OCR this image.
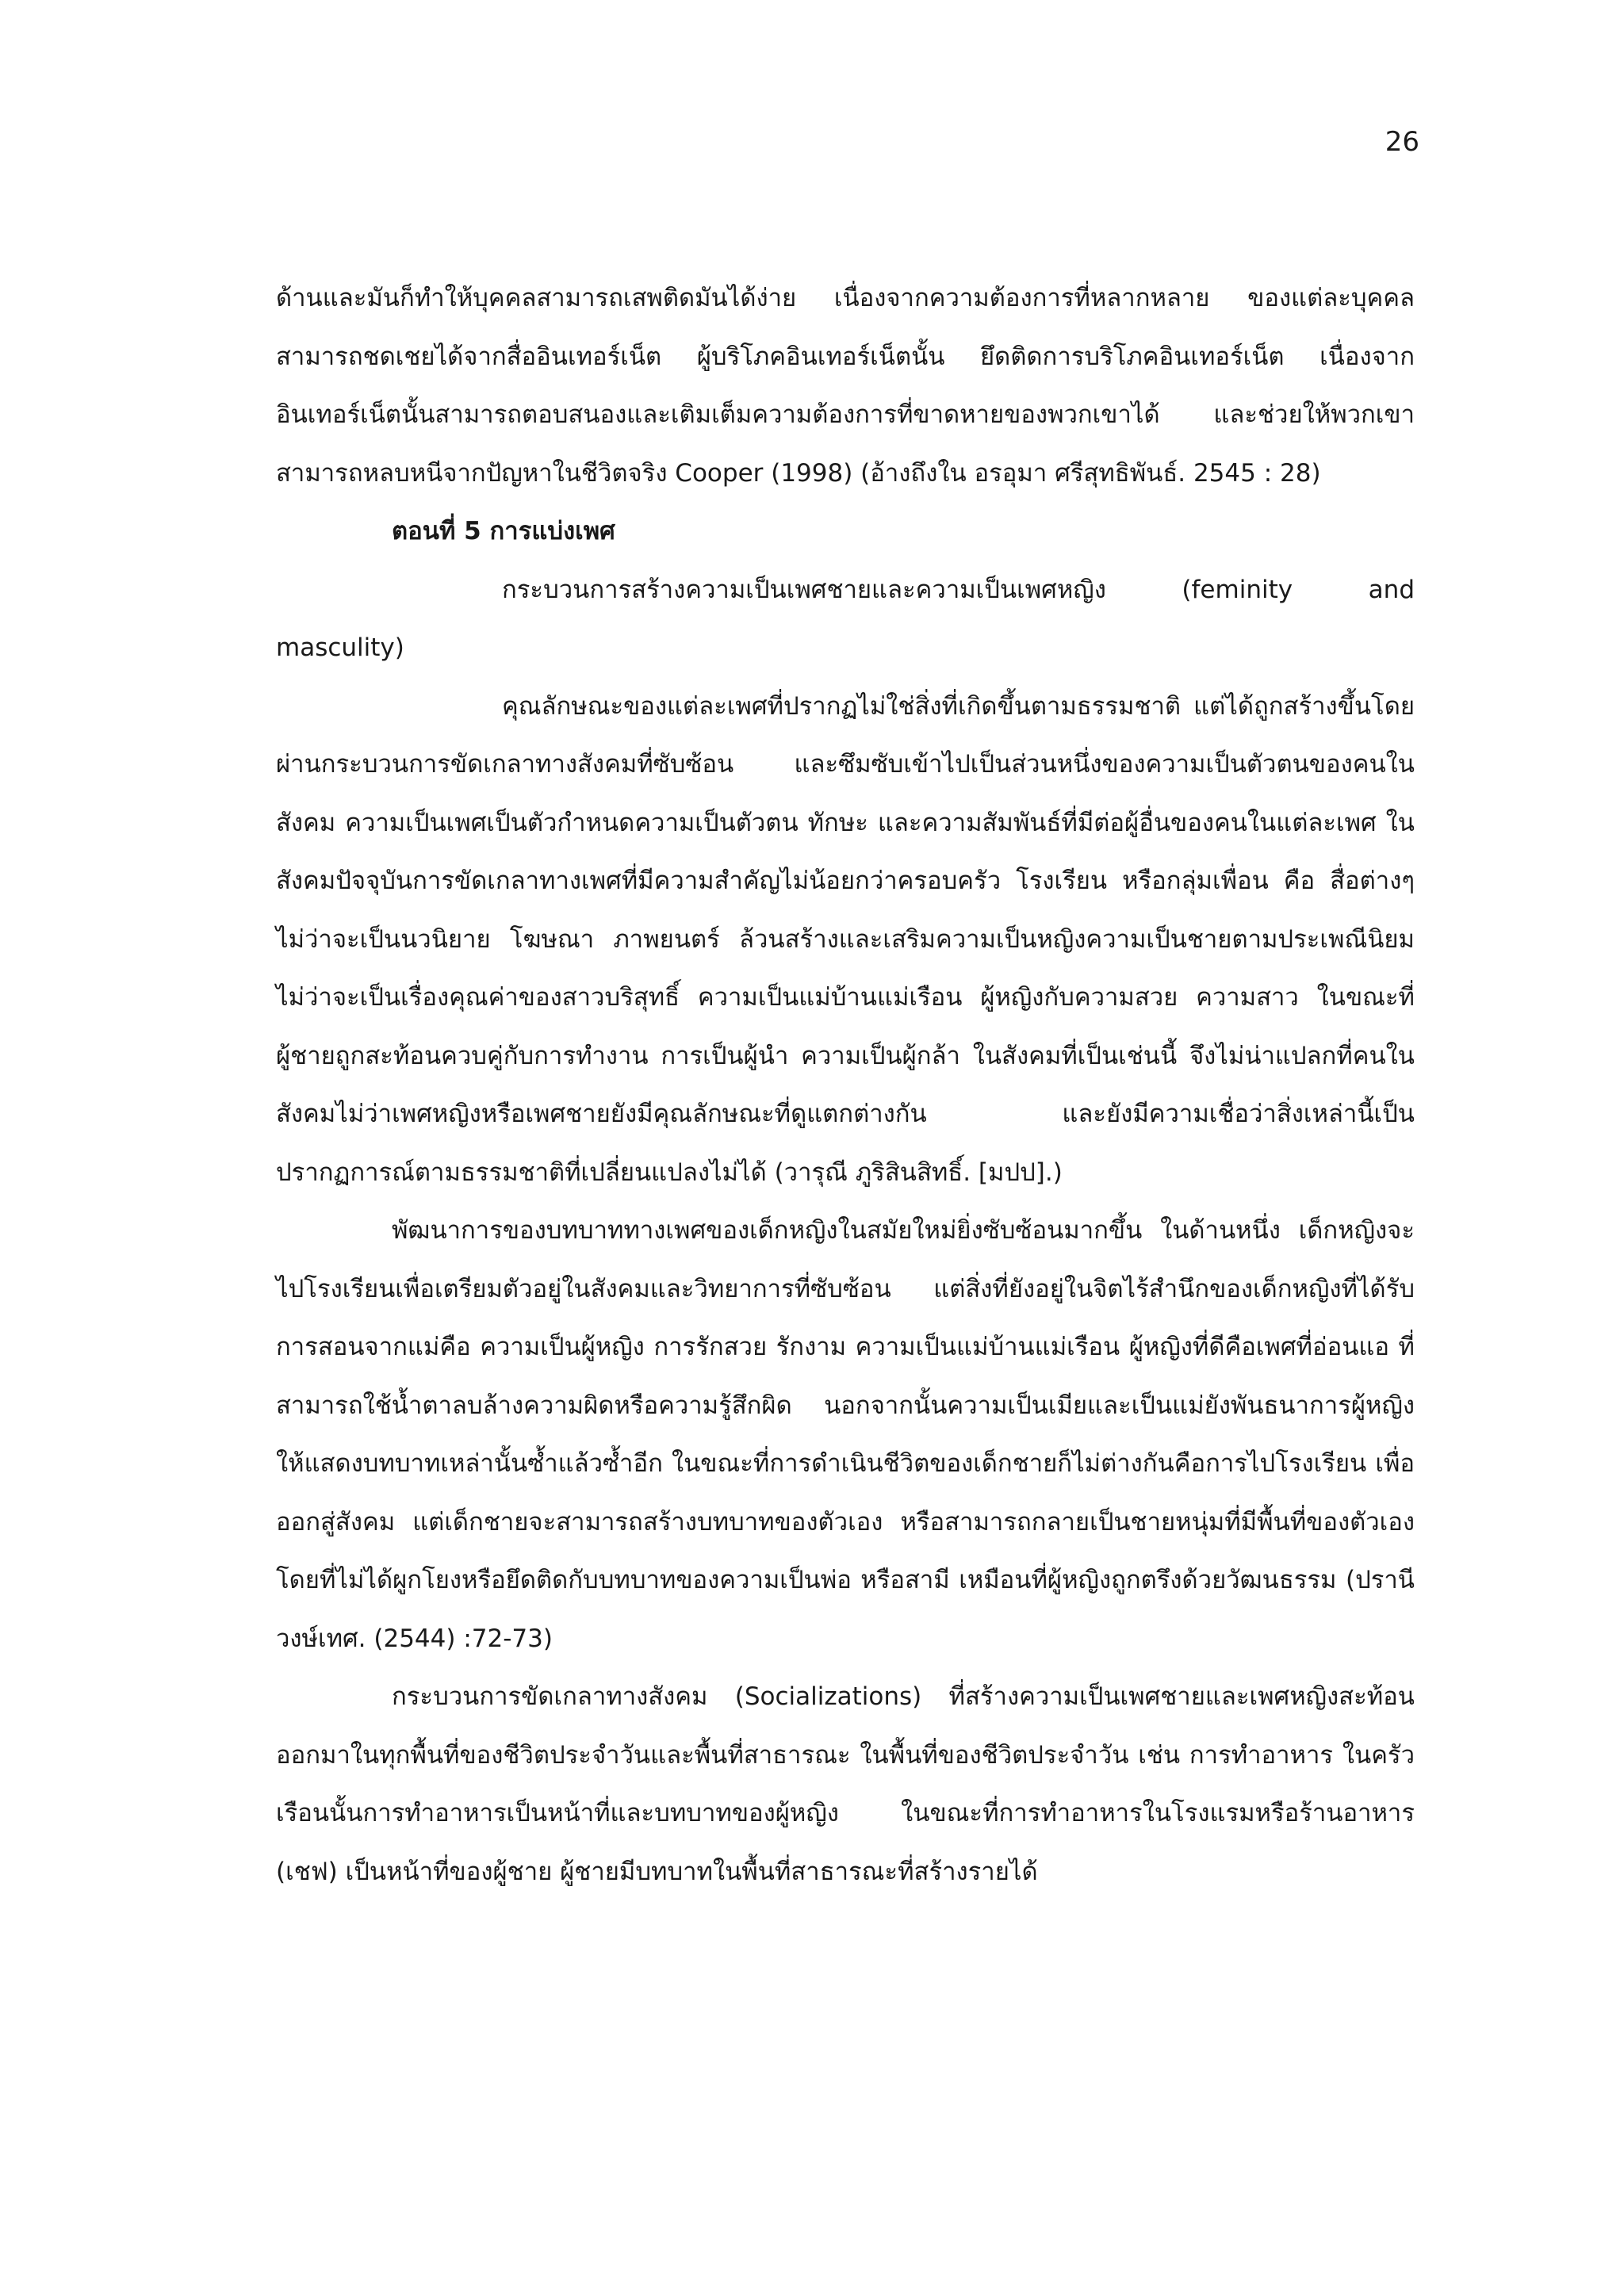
26

ด้านและมันก็ทำให้บุคคลสามารถเสพติดมันได้ง่าย เนื่องจากความต้องการที่หลากหลาย ของแต่ละบุคคลสามารถชดเชยได้จากสื่ออินเทอร์เน็ต ผู้บริโภคอินเทอร์เน็ตนั้น ยึดติดการบริโภคอินเทอร์เน็ต เนื่องจากอินเทอร์เน็ตนั้นสามารถตอบสนองและเติมเต็มความต้องการที่ขาดหายของพวกเขาได้ และช่วยให้พวกเขาสามารถหลบหนีจากปัญหาในชีวิตจริง Cooper (1998) (อ้างถึงใน อรอุมา ศรีสุทธิพันธ์. 2545 : 28)

ตอนที่ 5 การแบ่งเพศ

กระบวนการสร้างความเป็นเพศชายและความเป็นเพศหญิง (feminity and masculity)

คุณลักษณะของแต่ละเพศที่ปรากฏไม่ใช่สิ่งที่เกิดขึ้นตามธรรมชาติ แต่ได้ถูกสร้างขึ้นโดยผ่านกระบวนการขัดเกลาทางสังคมที่ซับซ้อน และซึมซับเข้าไปเป็นส่วนหนึ่งของความเป็นตัวตนของคนในสังคม ความเป็นเพศเป็นตัวกำหนดความเป็นตัวตน ทักษะ และความสัมพันธ์ที่มีต่อผู้อื่นของคนในแต่ละเพศ ในสังคมปัจจุบันการขัดเกลาทางเพศที่มีความสำคัญไม่น้อยกว่าครอบครัว โรงเรียน หรือกลุ่มเพื่อน คือ สื่อต่างๆ ไม่ว่าจะเป็นนวนิยาย โฆษณา ภาพยนตร์ ล้วนสร้างและเสริมความเป็นหญิงความเป็นชายตามประเพณีนิยม ไม่ว่าจะเป็นเรื่องคุณค่าของสาวบริสุทธิ์ ความเป็นแม่บ้านแม่เรือน ผู้หญิงกับความสวย ความสาว ในขณะที่ผู้ชายถูกสะท้อนควบคู่กับการทำงาน การเป็นผู้นำ ความเป็นผู้กล้า ในสังคมที่เป็นเช่นนี้ จึงไม่น่าแปลกที่คนในสังคมไม่ว่าเพศหญิงหรือเพศชายยังมีคุณลักษณะที่ดูแตกต่างกัน และยังมีความเชื่อว่าสิ่งเหล่านี้เป็นปรากฏการณ์ตามธรรมชาติที่เปลี่ยนแปลงไม่ได้ (วารุณี ภูริสินสิทธิ์. [มปป].)

พัฒนาการของบทบาททางเพศของเด็กหญิงในสมัยใหม่ยิ่งซับซ้อนมากขึ้น ในด้านหนึ่ง เด็กหญิงจะไปโรงเรียนเพื่อเตรียมตัวอยู่ในสังคมและวิทยาการที่ซับซ้อน แต่สิ่งที่ยังอยู่ในจิตไร้สำนึกของเด็กหญิงที่ได้รับการสอนจากแม่คือ ความเป็นผู้หญิง การรักสวย รักงาม ความเป็นแม่บ้านแม่เรือน ผู้หญิงที่ดีคือเพศที่อ่อนแอ ที่สามารถใช้น้ำตาลบล้างความผิดหรือความรู้สึกผิด นอกจากนั้นความเป็นเมียและเป็นแม่ยังพันธนาการผู้หญิงให้แสดงบทบาทเหล่านั้นซ้ำแล้วซ้ำอีก ในขณะที่การดำเนินชีวิตของเด็กชายก็ไม่ต่างกันคือการไปโรงเรียน เพื่อออกสู่สังคม แต่เด็กชายจะสามารถสร้างบทบาทของตัวเอง หรือสามารถกลายเป็นชายหนุ่มที่มีพื้นที่ของตัวเอง โดยที่ไม่ได้ผูกโยงหรือยึดติดกับบทบาทของความเป็นพ่อ หรือสามี เหมือนที่ผู้หญิงถูกตรึงด้วยวัฒนธรรม (ปรานี วงษ์เทศ. (2544) :72-73)

กระบวนการขัดเกลาทางสังคม (Socializations) ที่สร้างความเป็นเพศชายและเพศหญิงสะท้อนออกมาในทุกพื้นที่ของชีวิตประจำวันและพื้นที่สาธารณะ ในพื้นที่ของชีวิตประจำวัน เช่น การทำอาหาร ในครัวเรือนนั้นการทำอาหารเป็นหน้าที่และบทบาทของผู้หญิง ในขณะที่การทำอาหารในโรงแรมหรือร้านอาหาร (เชฟ) เป็นหน้าที่ของผู้ชาย ผู้ชายมีบทบาทในพื้นที่สาธารณะที่สร้างรายได้
